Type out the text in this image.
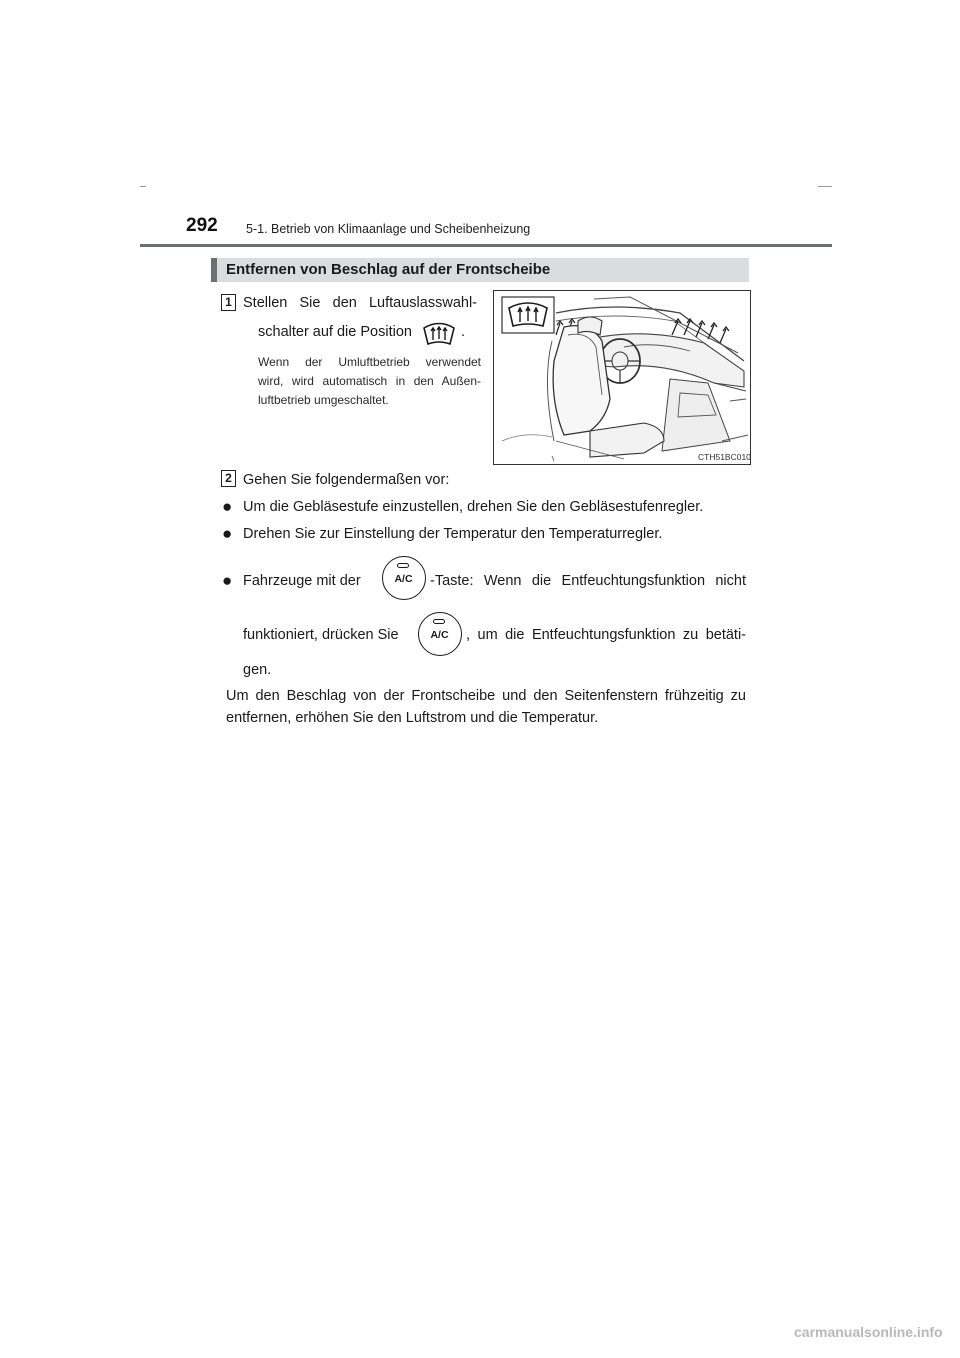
292 5-1. Betrieb von Klimaanlage und Scheibenheizung
Entfernen von Beschlag auf der Frontscheibe
1 Stellen Sie den Luftauslasswahl-
schalter auf die Position	.
Wenn der Umluftbetrieb verwendet
wird, wird automatisch in den Außen-
luftbetrieb umgeschaltet.
CTH51BC010
2 Gehen Sie folgendermaßen vor:
● Um die Gebläsestufe einzustellen, drehen Sie den Gebläsestufenregler.
● Drehen Sie zur Einstellung der Temperatur den Temperaturregler.
● Fahrzeuge mit der	A/C	-Taste: Wenn die Entfeuchtungsfunktion nicht
funktioniert, drücken Sie	A/C	, um die Entfeuchtungsfunktion zu betäti-
gen.
Um den Beschlag von der Frontscheibe und den Seitenfenstern frühzeitig zu
entfernen, erhöhen Sie den Luftstrom und die Temperatur.
carmanualsonline.info
